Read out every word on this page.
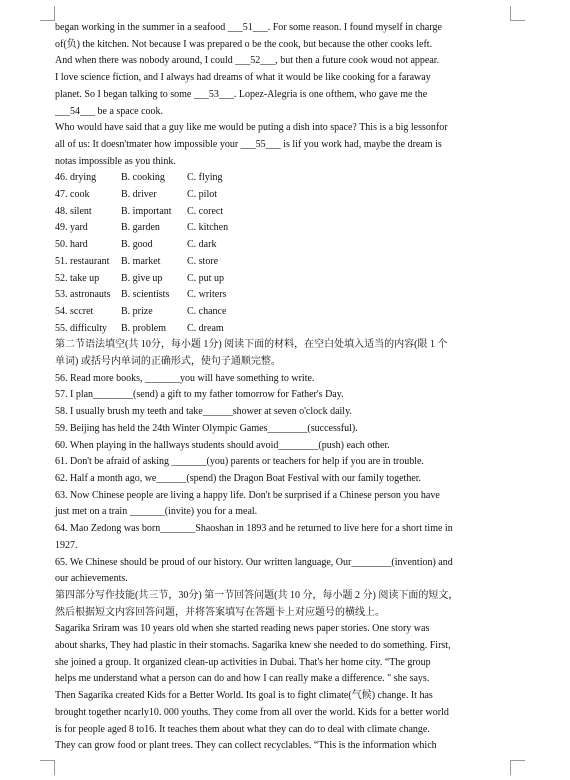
began working in the summer in a seafood ___51___. For some reason. I found myself in charge

of(负) the kitchen. Not because I was prepared o be the cook, but because the other cooks left.

And when there was nobody around, I could ___52___, but then a future cook woud not appear.

I love science fiction, and I always had dreams of what it would be like cooking for a faraway

planet. So I began talking to some ___53___. Lopez-Alegria is one ofthem, who gave me the

___54___ be a space cook.

Who would have said that a guy like me would be puting a dish into space? This is a big lessonfor

all of us: It doesn'tmater how impossible your ___55___ is lif you work had, maybe the dream is

notas impossible as you think.

46. drying	B. cooking	C. flying
47. cook	B. driver	C. pilot
48. silent	B. important	C. corect
49. yard	B. garden	C. kitchen
50. hard	B. good	C. dark
51. restaurant	B. market	C. store
52. take up	B. give up	C. put up
53. astronauts	B. scientists	C. writers
54. sccret	B. prize	C. chance
55. difficulty	B. problem	C. dream

第二节语法填空(共 10分，每小题 1分) 阅读下面的材料，在空白处填入适当的内容(限 1 个

单词) 或括号内单词的正确形式，使句子通顺完整。

56. Read more books, _______you will have something to write.

57. I plan________(send) a gift to my father tomorrow for Father's Day.

58. I usually brush my teeth and take______shower at seven o'clock daily.

59. Beijing has held the 24th Winter Olympic Games________(successful).

60. When playing in the hallways students should avoid________(push) each other.

61. Don't be afraid of asking _______(you) parents or teachers for help if you are in trouble.

62. Half a month ago, we______(spend) the Dragon Boat Festival with our family together.

63. Now Chinese people are living a happy life. Don't be surprised if a Chinese person you have

just met on a train _______(invite) you for a meal.

64. Mao Zedong was born_______Shaoshan in 1893 and he returned to live here for a short time in

1927.

65. We Chinese should be proud of our history. Our written language, Our________(invention) and

our achievements.

第四部分写作技能(共三节，30分) 第一节回答问题(共 10 分，每小题 2 分) 阅读下面的短文，

然后根据短文内容回答问题，并将答案填写在答题卡上对应题号的横线上。

Sagarika Sriram was 10 years old when she started reading news paper stories. One story was

about sharks, They had plastic in their stomachs. Sagarika knew she needed to do something. First,

she joined a group. It organized clean-up activities in Dubai. That's her home city. “The group

helps me understand what a person can do and how I can really make a difference. " she says.

Then Sagarika created Kids for a Better World. Its goal is to fight climate(气候) change. It has

brought together ncarly10. 000 youths. They come from all over the world. Kids for a better world

is for people aged 8 to16. It teaches them about what they can do to deal with climate change.

They can grow food or plant trees. They can collect recyclables. “This is the information which
